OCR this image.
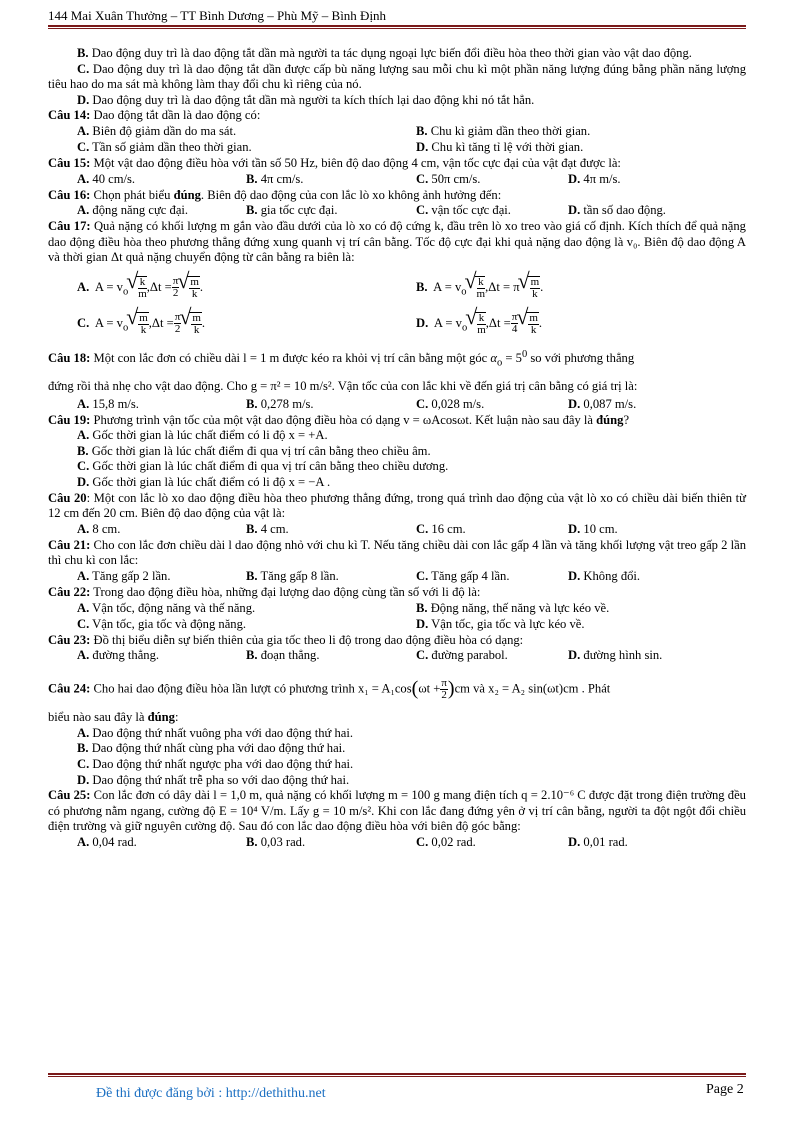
144 Mai Xuân Thưởng – TT Bình Dương – Phù Mỹ – Bình Định
B. Dao động duy trì là dao động tắt dần mà người ta tác dụng ngoại lực biến đổi điều hòa theo thời gian vào vật dao động.
C. Dao động duy trì là dao động tắt dần được cấp bù năng lượng sau mỗi chu kì một phần năng lượng đúng bằng phần năng lượng tiêu hao do ma sát mà không làm thay đổi chu kì riêng của nó.
D. Dao động duy trì là dao động tắt dần mà người ta kích thích lại dao động khi nó tắt hẳn.
Câu 14: Dao động tắt dần là dao động có:
A. Biên độ giảm dần do ma sát.	B. Chu kì giảm dần theo thời gian.
C. Tần số giảm dần theo thời gian.	D. Chu kì tăng tỉ lệ với thời gian.
Câu 15: Một vật dao động điều hòa với tần số 50 Hz, biên độ dao động 4 cm, vận tốc cực đại của vật đạt được là:
A. 40 cm/s.	B. 4π cm/s.	C. 50π cm/s.	D. 4π m/s.
Câu 16: Chọn phát biểu đúng. Biên độ dao động của con lắc lò xo không ảnh hưởng đến:
A. động năng cực đại.	B. gia tốc cực đại.	C. vận tốc cực đại.	D. tần số dao động.
Câu 17: Quả nặng có khối lượng m gắn vào đầu dưới của lò xo có độ cứng k, đầu trên lò xo treo vào giá cố định. Kích thích để quả nặng dao động điều hòa theo phương thẳng đứng xung quanh vị trí cân bằng. Tốc độ cực đại khi quả nặng dao động là v₀. Biên độ dao động A và thời gian Δt quả nặng chuyển động từ cân bằng ra biên là:
A. $A = v_o$ √ $\frac{k}{m} ,\Delta t = \frac{\pi}{2}$ √ $\frac{m}{k}$ .	B. $A = v_o$ √ $\frac{k}{m} ,\Delta t = \pi$ √ $\frac{m}{k}$ .
C. $A = v_o$ √ $\frac{m}{k} ,\Delta t = \frac{\pi}{2}$ √ $\frac{m}{k}$ .	D. $A = v_o$ √ $\frac{k}{m} ,\Delta t = \frac{\pi}{4}$ √ $\frac{m}{k}$ .
Câu 18: Một con lắc đơn có chiều dài l = 1 m được kéo ra khỏi vị trí cân bằng một góc $\alpha_o = 5^0$ so với phương thẳng
đứng rồi thả nhẹ cho vật dao động. Cho g = π² = 10 m/s². Vận tốc của con lắc khi về đến giá trị cân bằng có giá trị là:
A. 15,8 m/s.	B. 0,278 m/s.	C. 0,028 m/s.	D. 0,087 m/s.
Câu 19: Phương trình vận tốc của một vật dao động điều hòa có dạng v = ωAcosωt. Kết luận nào sau đây là đúng?
A. Gốc thời gian là lúc chất điểm có li độ x = +A.
B. Gốc thời gian là lúc chất điểm đi qua vị trí cân bằng theo chiều âm.
C. Gốc thời gian là lúc chất điểm đi qua vị trí cân bằng theo chiều dương.
D. Gốc thời gian là lúc chất điểm có li độ x = −A .
Câu 20: Một con lắc lò xo dao động điều hòa theo phương thẳng đứng, trong quá trình dao động của vật lò xo có chiều dài biến thiên từ 12 cm đến 20 cm. Biên độ dao động của vật là:
A. 8 cm.	B. 4 cm.	C. 16 cm.	D. 10 cm.
Câu 21: Cho con lắc đơn chiều dài l dao động nhỏ với chu kì T. Nếu tăng chiều dài con lắc gấp 4 lần và tăng khối lượng vật treo gấp 2 lần thì chu kì con lắc:
A. Tăng gấp 2 lần.	B. Tăng gấp 8 lần.	C. Tăng gấp 4 lần.	D. Không đổi.
Câu 22: Trong dao động điều hòa, những đại lượng dao động cùng tần số với li độ là:
A. Vận tốc, động năng và thế năng.	B. Động năng, thế năng và lực kéo về.
C. Vận tốc, gia tốc và động năng.	D. Vận tốc, gia tốc và lực kéo về.
Câu 23: Đồ thị biểu diễn sự biến thiên của gia tốc theo li độ trong dao động điều hòa có dạng:
A. đường thẳng.	B. đoạn thẳng.	C. đường parabol.	D. đường hình sin.
Câu 24: Cho hai dao động điều hòa lần lượt có phương trình $x_1 = A_1\cos(\omega t + \frac{\pi}{2} )cm$ và x₂ = A₂ sin(ωt)cm . Phát
biểu nào sau đây là đúng:
A. Dao động thứ nhất vuông pha với dao động thứ hai.
B. Dao động thứ nhất cùng pha với dao động thứ hai.
C. Dao động thứ nhất ngược pha với dao động thứ hai.
D. Dao động thứ nhất trễ pha so với dao động thứ hai.
Câu 25: Con lắc đơn có dây dài l = 1,0 m, quả nặng có khối lượng m = 100 g mang điện tích q = 2.10⁻⁶ C được đặt trong điện trường đều có phương nằm ngang, cường độ E = 10⁴ V/m. Lấy g = 10 m/s². Khi con lắc đang đứng yên ở vị trí cân bằng, người ta đột ngột đổi chiều điện trường và giữ nguyên cường độ. Sau đó con lắc dao động điều hòa với biên độ góc bằng:
A. 0,04 rad.	B. 0,03 rad.	C. 0,02 rad.	D. 0,01 rad.
Đề thi được đăng bởi : http://dethithu.net	Page 2
